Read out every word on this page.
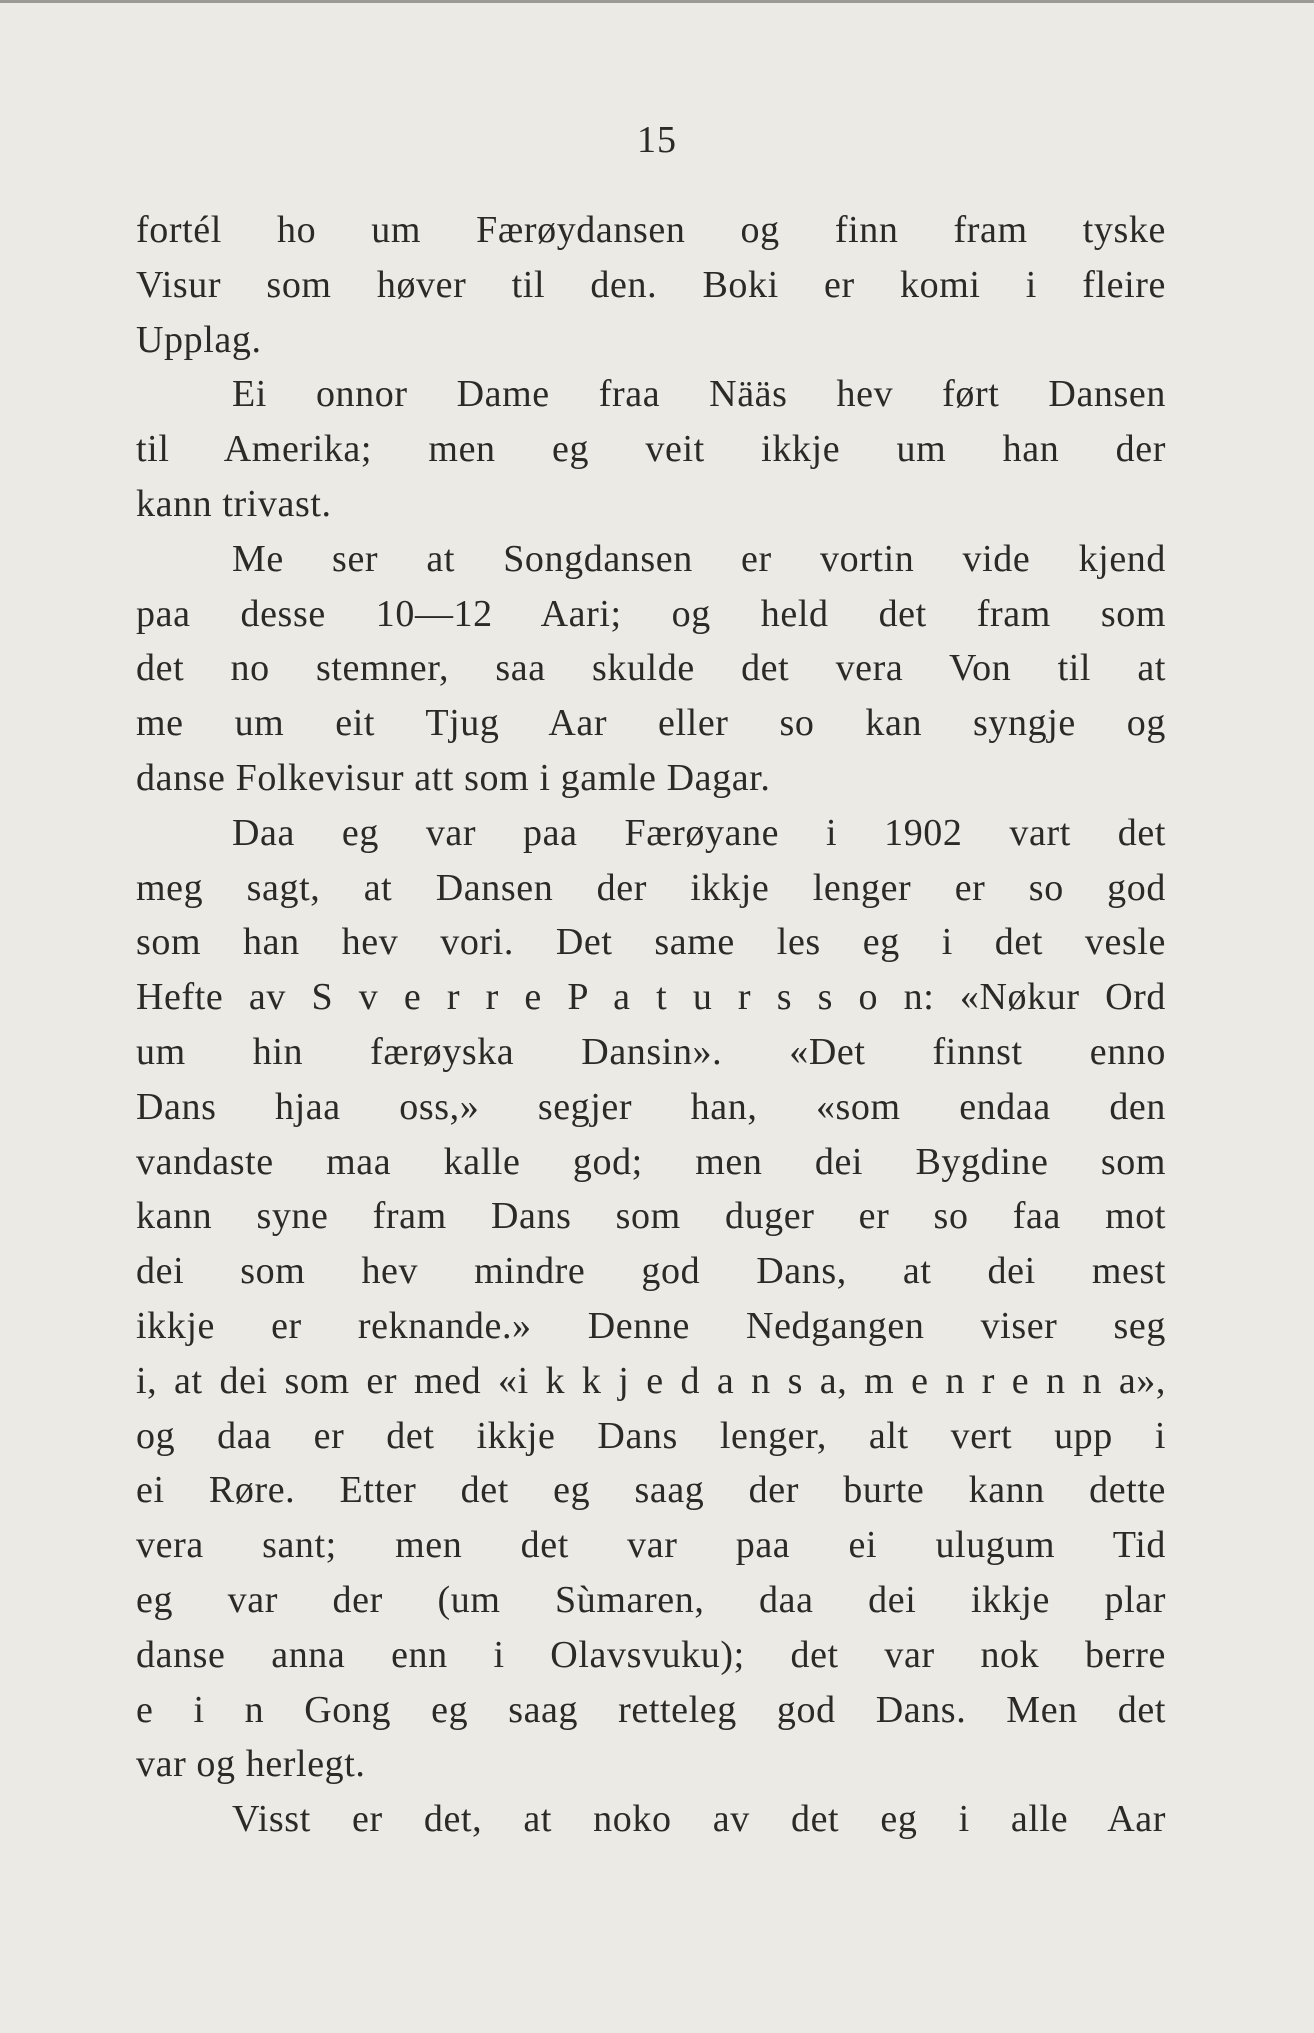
15
fortél ho um Færøydansen og finn fram tyske
Visur som høver til den. Boki er komi i fleire
Upplag.
Ei onnor Dame fraa Nääs hev ført Dansen
til Amerika; men eg veit ikkje um han der
kann trivast.
Me ser at Songdansen er vortin vide kjend
paa desse 10—12 Aari; og held det fram som
det no stemner, saa skulde det vera Von til at
me um eit Tjug Aar eller so kan syngje og
danse Folkevisur att som i gamle Dagar.
Daa eg var paa Færøyane i 1902 vart det
meg sagt, at Dansen der ikkje lenger er so god
som han hev vori. Det same les eg i det vesle
Hefte av S v e r r e P a t u r s s o n: «Nøkur Ord
um hin færøyska Dansin». «Det finnst enno
Dans hjaa oss,» segjer han, «som endaa den
vandaste maa kalle god; men dei Bygdine som
kann syne fram Dans som duger er so faa mot
dei som hev mindre god Dans, at dei mest
ikkje er reknande.» Denne Nedgangen viser seg
i, at dei som er med «i k k j e d a n s a, m e n r e n n a»,
og daa er det ikkje Dans lenger, alt vert upp i
ei Røre. Etter det eg saag der burte kann dette
vera sant; men det var paa ei ulugum Tid
eg var der (um Sùmaren, daa dei ikkje plar
danse anna enn i Olavsvuku); det var nok berre
e i n Gong eg saag retteleg god Dans. Men det
var og herlegt.
Visst er det, at noko av det eg i alle Aar
